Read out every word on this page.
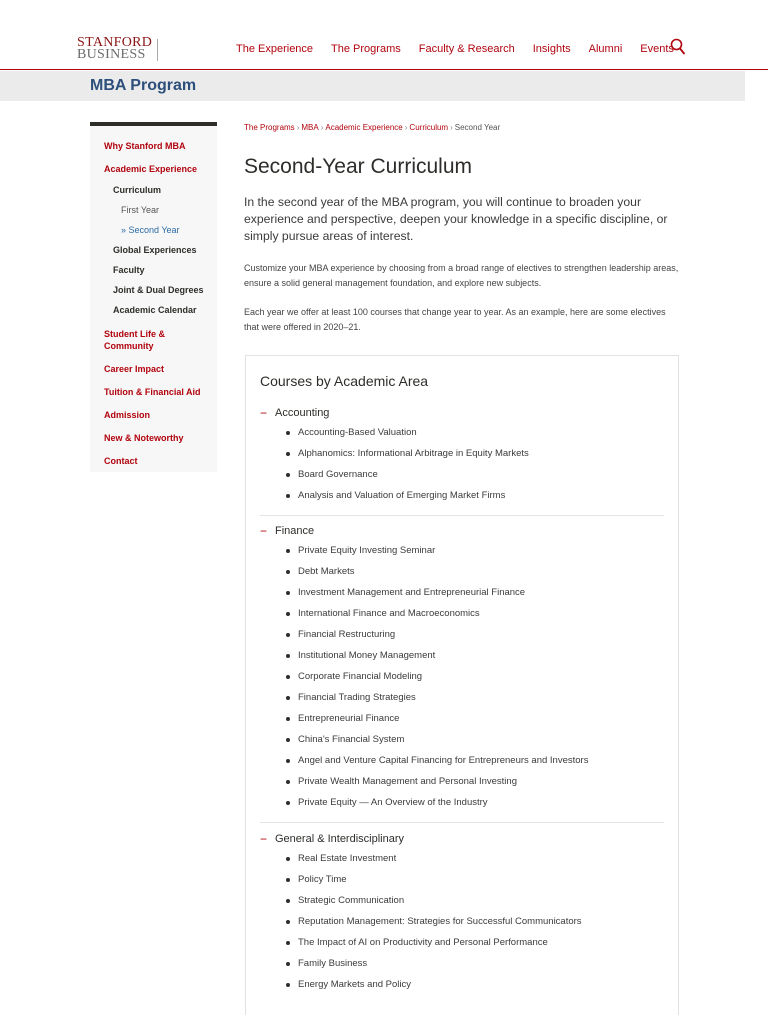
STANFORD
BUSINESS	The Experience The Programs Faculty & Research Insights Alumni Events
MBA Program
Why Stanford MBA
Academic Experience
Curriculum
First Year
» Second Year
Global Experiences
Faculty
Joint & Dual Degrees
Academic Calendar
Student Life & Community
Career Impact
Tuition & Financial Aid
Admission
New & Noteworthy
Contact
The Programs › MBA › Academic Experience › Curriculum › Second Year
Second-Year Curriculum

In the second year of the MBA program, you will continue to broaden your experience and perspective, deepen your knowledge in a specific discipline, or simply pursue areas of interest.

Customize your MBA experience by choosing from a broad range of electives to strengthen leadership areas, ensure a solid general management foundation, and explore new subjects.

Each year we offer at least 100 courses that change year to year. As an example, here are some electives that were offered in 2020–21.

Courses by Academic Area
− Accounting
Accounting-Based Valuation
Alphanomics: Informational Arbitrage in Equity Markets
Board Governance
Analysis and Valuation of Emerging Market Firms
− Finance
Private Equity Investing Seminar
Debt Markets
Investment Management and Entrepreneurial Finance
International Finance and Macroeconomics
Financial Restructuring
Institutional Money Management
Corporate Financial Modeling
Financial Trading Strategies
Entrepreneurial Finance
China's Financial System
Angel and Venture Capital Financing for Entrepreneurs and Investors
Private Wealth Management and Personal Investing
Private Equity — An Overview of the Industry
− General & Interdisciplinary
Real Estate Investment
Policy Time
Strategic Communication
Reputation Management: Strategies for Successful Communicators
The Impact of AI on Productivity and Personal Performance
Family Business
Energy Markets and Policy
